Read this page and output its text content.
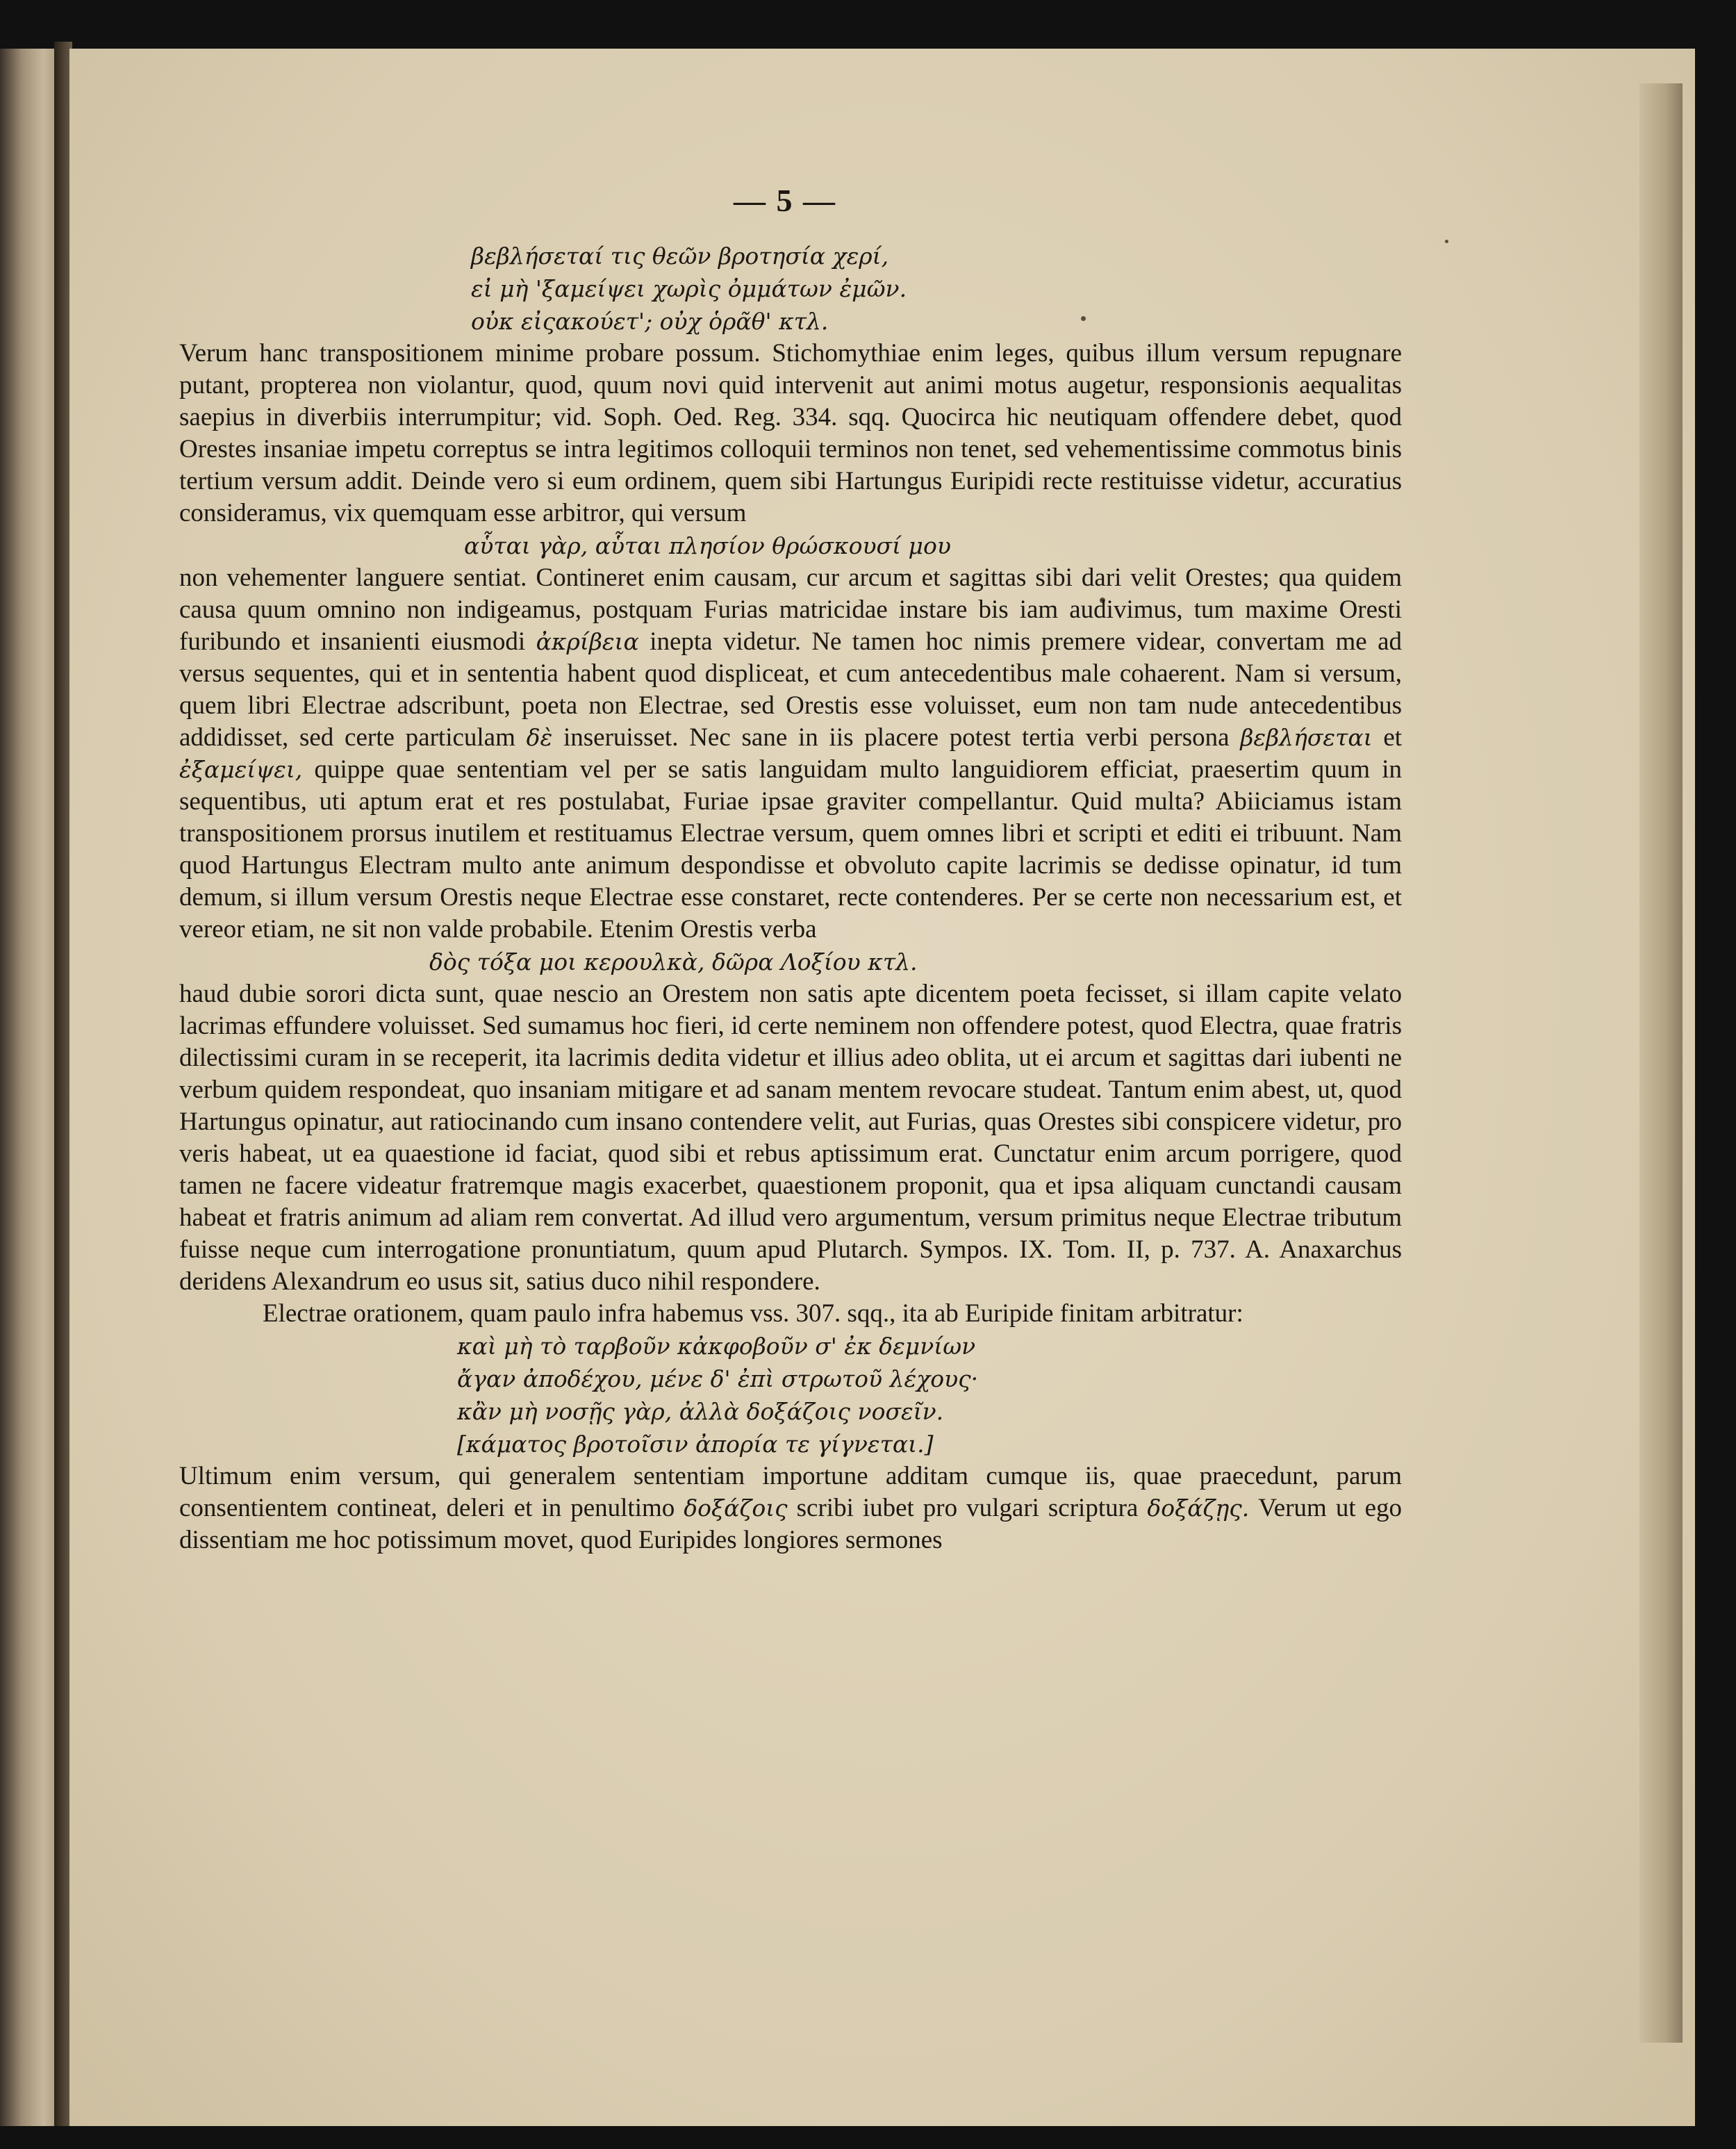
— 5 —
βεβλήσεταί τις θεῶν βροτησία χερί,
εἰ μὴ 'ξαμείψει χωρὶς ὀμμάτων ἐμῶν.
οὐκ εἰςακούετ'; οὐχ ὁρᾶθ' κτλ.

Verum hanc transpositionem minime probare possum. Stichomythiae enim leges, quibus illum versum repugnare putant, propterea non violantur, quod, quum novi quid intervenit aut animi motus augetur, responsionis aequalitas saepius in diverbiis interrumpitur; vid. Soph. Oed. Reg. 334. sqq. Quocirca hic neutiquam offendere debet, quod Orestes insaniae impetu correptus se intra legitimos colloquii terminos non tenet, sed vehementissime commotus binis tertium versum addit. Deinde vero si eum ordinem, quem sibi Hartungus Euripidi recte restituisse videtur, accuratius consideramus, vix quemquam esse arbitror, qui versum

αὗται γὰρ, αὗται πλησίον θρώσκουσί μου

non vehementer languere sentiat. Contineret enim causam, cur arcum et sagittas sibi dari velit Orestes; qua quidem causa quum omnino non indigeamus, postquam Furias matricidae instare bis iam audivimus, tum maxime Oresti furibundo et insanienti eiusmodi ἀκρίβεια inepta videtur. Ne tamen hoc nimis premere videar, convertam me ad versus sequentes, qui et in sententia habent quod displiceat, et cum antecedentibus male cohaerent. Nam si versum, quem libri Electrae adscribunt, poeta non Electrae, sed Orestis esse voluisset, eum non tam nude antecedentibus addidisset, sed certe particulam δὲ inseruisset. Nec sane in iis placere potest tertia verbi persona βεβλήσεται et ἐξαμείψει, quippe quae sententiam vel per se satis languidam multo languidiorem efficiat, praesertim quum in sequentibus, uti aptum erat et res postulabat, Furiae ipsae graviter compellantur. Quid multa? Abiiciamus istam transpositionem prorsus inutilem et restituamus Electrae versum, quem omnes libri et scripti et editi ei tribuunt. Nam quod Hartungus Electram multo ante animum despondisse et obvoluto capite lacrimis se dedisse opinatur, id tum demum, si illum versum Orestis neque Electrae esse constaret, recte contenderes. Per se certe non necessarium est, et vereor etiam, ne sit non valde probabile. Etenim Orestis verba

δὸς τόξα μοι κερουλκὰ, δῶρα Λοξίου κτλ.

haud dubie sorori dicta sunt, quae nescio an Orestem non satis apte dicentem poeta fecisset, si illam capite velato lacrimas effundere voluisset. Sed sumamus hoc fieri, id certe neminem non offendere potest, quod Electra, quae fratris dilectissimi curam in se receperit, ita lacrimis dedita videtur et illius adeo oblita, ut ei arcum et sagittas dari iubenti ne verbum quidem respondeat, quo insaniam mitigare et ad sanam mentem revocare studeat. Tantum enim abest, ut, quod Hartungus opinatur, aut ratiocinando cum insano contendere velit, aut Furias, quas Orestes sibi conspicere videtur, pro veris habeat, ut ea quaestione id faciat, quod sibi et rebus aptissimum erat. Cunctatur enim arcum porrigere, quod tamen ne facere videatur fratremque magis exacerbet, quaestionem proponit, qua et ipsa aliquam cunctandi causam habeat et fratris animum ad aliam rem convertat. Ad illud vero argumentum, versum primitus neque Electrae tributum fuisse neque cum interrogatione pronuntiatum, quum apud Plutarch. Sympos. IX. Tom. II, p. 737. A. Anaxarchus deridens Alexandrum eo usus sit, satius duco nihil respondere.

Electrae orationem, quam paulo infra habemus vss. 307. sqq., ita ab Euripide finitam arbitratur:

καὶ μὴ τὸ ταρβοῦν κἀκφοβοῦν σ' ἐκ δεμνίων
ἄγαν ἀποδέχου, μένε δ' ἐπὶ στρωτοῦ λέχους·
κἂν μὴ νοσῇς γὰρ, ἀλλὰ δοξάζοις νοσεῖν.
[κάματος βροτοῖσιν ἀπορία τε γίγνεται.]

Ultimum enim versum, qui generalem sententiam importune additam cumque iis, quae praecedunt, parum consentientem contineat, deleri et in penultimo δοξάζοις scribi iubet pro vulgari scriptura δοξάζῃς. Verum ut ego dissentiam me hoc potissimum movet, quod Euripides longiores sermones
